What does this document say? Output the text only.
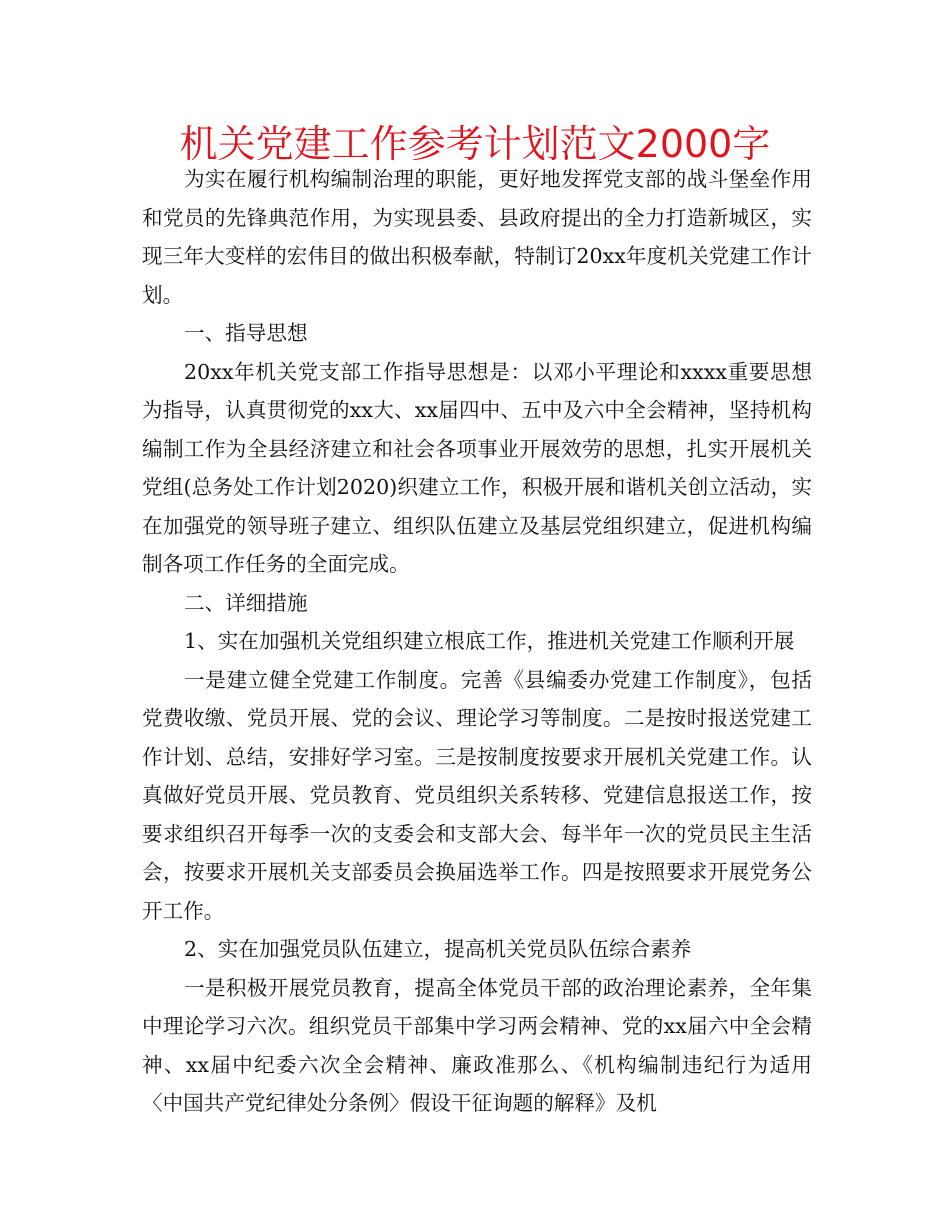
机关党建工作参考计划范文2000字

为实在履行机构编制治理的职能，更好地发挥党支部的战斗堡垒作用和党员的先锋典范作用，为实现县委、县政府提出的全力打造新城区，实现三年大变样的宏伟目的做出积极奉献，特制订20xx年度机关党建工作计划。

一、指导思想

20xx年机关党支部工作指导思想是：以邓小平理论和xxxx重要思想为指导，认真贯彻党的xx大、xx届四中、五中及六中全会精神，坚持机构编制工作为全县经济建立和社会各项事业开展效劳的思想，扎实开展机关党组(总务处工作计划2020)织建立工作，积极开展和谐机关创立活动，实在加强党的领导班子建立、组织队伍建立及基层党组织建立，促进机构编制各项工作任务的全面完成。

二、详细措施

1、实在加强机关党组织建立根底工作，推进机关党建工作顺利开展

一是建立健全党建工作制度。完善《县编委办党建工作制度》，包括党费收缴、党员开展、党的会议、理论学习等制度。二是按时报送党建工作计划、总结，安排好学习室。三是按制度按要求开展机关党建工作。认真做好党员开展、党员教育、党员组织关系转移、党建信息报送工作，按要求组织召开每季一次的支委会和支部大会、每半年一次的党员民主生活会，按要求开展机关支部委员会换届选举工作。四是按照要求开展党务公开工作。

2、实在加强党员队伍建立，提高机关党员队伍综合素养

一是积极开展党员教育，提高全体党员干部的政治理论素养，全年集中理论学习六次。组织党员干部集中学习两会精神、党的xx届六中全会精神、xx届中纪委六次全会精神、廉政准那么、《机构编制违纪行为适用〈中国共产党纪律处分条例〉假设干征询题的解释》及机
